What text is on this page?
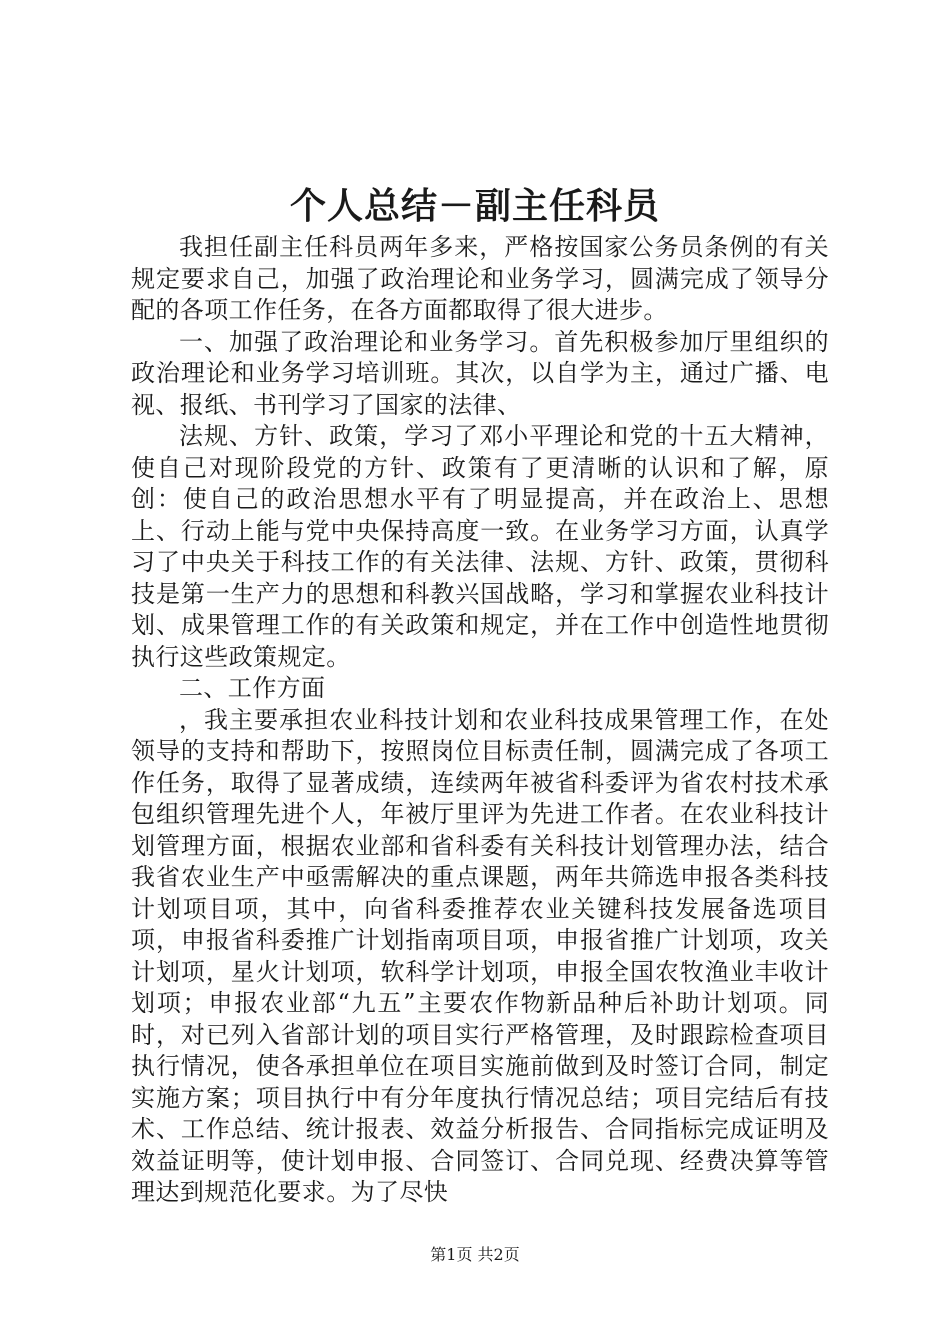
个人总结－副主任科员

我担任副主任科员两年多来，严格按国家公务员条例的有关规定要求自己，加强了政治理论和业务学习，圆满完成了领导分配的各项工作任务，在各方面都取得了很大进步。

一、加强了政治理论和业务学习。首先积极参加厅里组织的政治理论和业务学习培训班。其次，以自学为主，通过广播、电视、报纸、书刊学习了国家的法律、

法规、方针、政策，学习了邓小平理论和党的十五大精神，使自己对现阶段党的方针、政策有了更清晰的认识和了解，原创：使自己的政治思想水平有了明显提高，并在政治上、思想上、行动上能与党中央保持高度一致。在业务学习方面，认真学习了中央关于科技工作的有关法律、法规、方针、政策，贯彻科技是第一生产力的思想和科教兴国战略，学习和掌握农业科技计划、成果管理工作的有关政策和规定，并在工作中创造性地贯彻执行这些政策规定。

二、工作方面

，我主要承担农业科技计划和农业科技成果管理工作，在处领导的支持和帮助下，按照岗位目标责任制，圆满完成了各项工作任务，取得了显著成绩，连续两年被省科委评为省农村技术承包组织管理先进个人，年被厅里评为先进工作者。在农业科技计划管理方面，根据农业部和省科委有关科技计划管理办法，结合我省农业生产中亟需解决的重点课题，两年共筛选申报各类科技计划项目项，其中，向省科委推荐农业关键科技发展备选项目项，申报省科委推广计划指南项目项，申报省推广计划项，攻关计划项，星火计划项，软科学计划项，申报全国农牧渔业丰收计划项；申报农业部“九五”主要农作物新品种后补助计划项。同时，对已列入省部计划的项目实行严格管理，及时跟踪检查项目执行情况，使各承担单位在项目实施前做到及时签订合同，制定实施方案；项目执行中有分年度执行情况总结；项目完结后有技术、工作总结、统计报表、效益分析报告、合同指标完成证明及效益证明等，使计划申报、合同签订、合同兑现、经费决算等管理达到规范化要求。为了尽快

第1页 共2页
